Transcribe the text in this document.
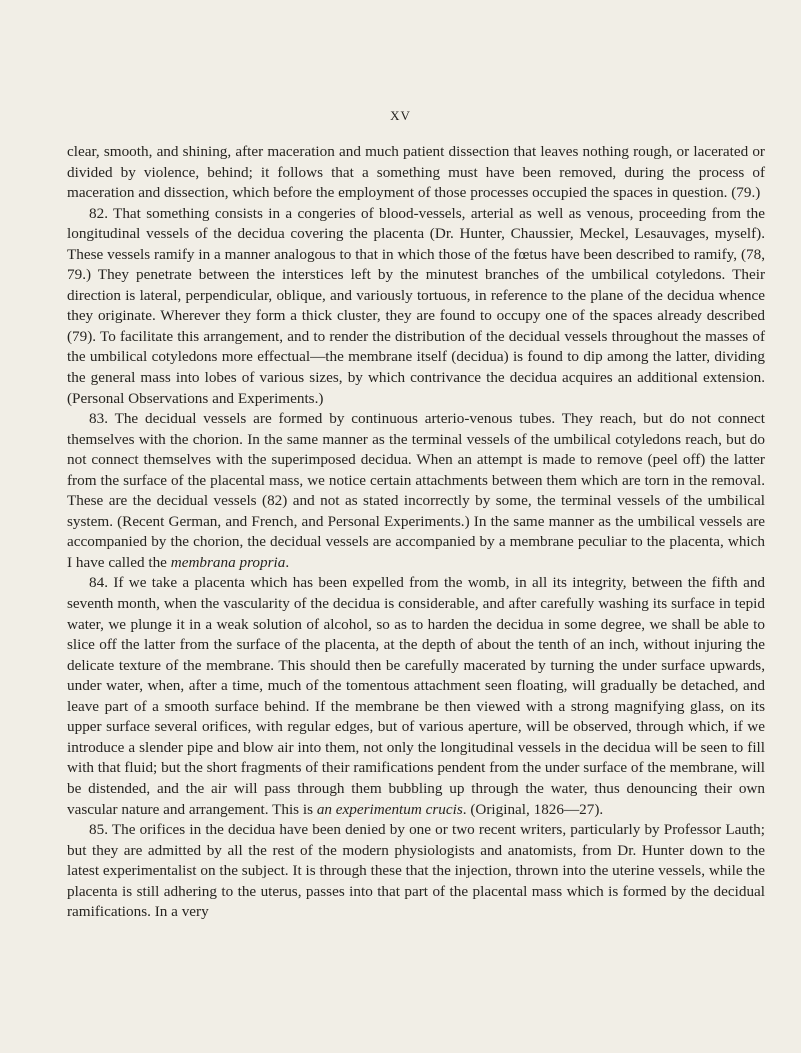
XV

clear, smooth, and shining, after maceration and much patient dissection that leaves nothing rough, or lacerated or divided by violence, behind; it follows that a something must have been removed, during the process of maceration and dissection, which before the employment of those processes occupied the spaces in question. (79.)

82. That something consists in a congeries of blood-vessels, arterial as well as venous, proceeding from the longitudinal vessels of the decidua covering the placenta (Dr. Hunter, Chaussier, Meckel, Lesauvages, myself). These vessels ramify in a manner analogous to that in which those of the fœtus have been described to ramify, (78, 79.) They penetrate between the interstices left by the minutest branches of the umbilical cotyledons. Their direction is lateral, perpendicular, oblique, and variously tortuous, in reference to the plane of the decidua whence they originate. Wherever they form a thick cluster, they are found to occupy one of the spaces already described (79). To facilitate this arrangement, and to render the distribution of the decidual vessels throughout the masses of the umbilical cotyledons more effectual—the membrane itself (decidua) is found to dip among the latter, dividing the general mass into lobes of various sizes, by which contrivance the decidua acquires an additional extension. (Personal Observations and Experiments.)

83. The decidual vessels are formed by continuous arterio-venous tubes. They reach, but do not connect themselves with the chorion. In the same manner as the terminal vessels of the umbilical cotyledons reach, but do not connect themselves with the superimposed decidua. When an attempt is made to remove (peel off) the latter from the surface of the placental mass, we notice certain attachments between them which are torn in the removal. These are the decidual vessels (82) and not as stated incorrectly by some, the terminal vessels of the umbilical system. (Recent German, and French, and Personal Experiments.) In the same manner as the umbilical vessels are accompanied by the chorion, the decidual vessels are accompanied by a membrane peculiar to the placenta, which I have called the membrana propria.

84. If we take a placenta which has been expelled from the womb, in all its integrity, between the fifth and seventh month, when the vascularity of the decidua is considerable, and after carefully washing its surface in tepid water, we plunge it in a weak solution of alcohol, so as to harden the decidua in some degree, we shall be able to slice off the latter from the surface of the placenta, at the depth of about the tenth of an inch, without injuring the delicate texture of the membrane. This should then be carefully macerated by turning the under surface upwards, under water, when, after a time, much of the tomentous attachment seen floating, will gradually be detached, and leave part of a smooth surface behind. If the membrane be then viewed with a strong magnifying glass, on its upper surface several orifices, with regular edges, but of various aperture, will be observed, through which, if we introduce a slender pipe and blow air into them, not only the longitudinal vessels in the decidua will be seen to fill with that fluid; but the short fragments of their ramifications pendent from the under surface of the membrane, will be distended, and the air will pass through them bubbling up through the water, thus denouncing their own vascular nature and arrangement. This is an experimentum crucis. (Original, 1826—27).

85. The orifices in the decidua have been denied by one or two recent writers, particularly by Professor Lauth; but they are admitted by all the rest of the modern physiologists and anatomists, from Dr. Hunter down to the latest experimentalist on the subject. It is through these that the injection, thrown into the uterine vessels, while the placenta is still adhering to the uterus, passes into that part of the placental mass which is formed by the decidual ramifications. In a very
